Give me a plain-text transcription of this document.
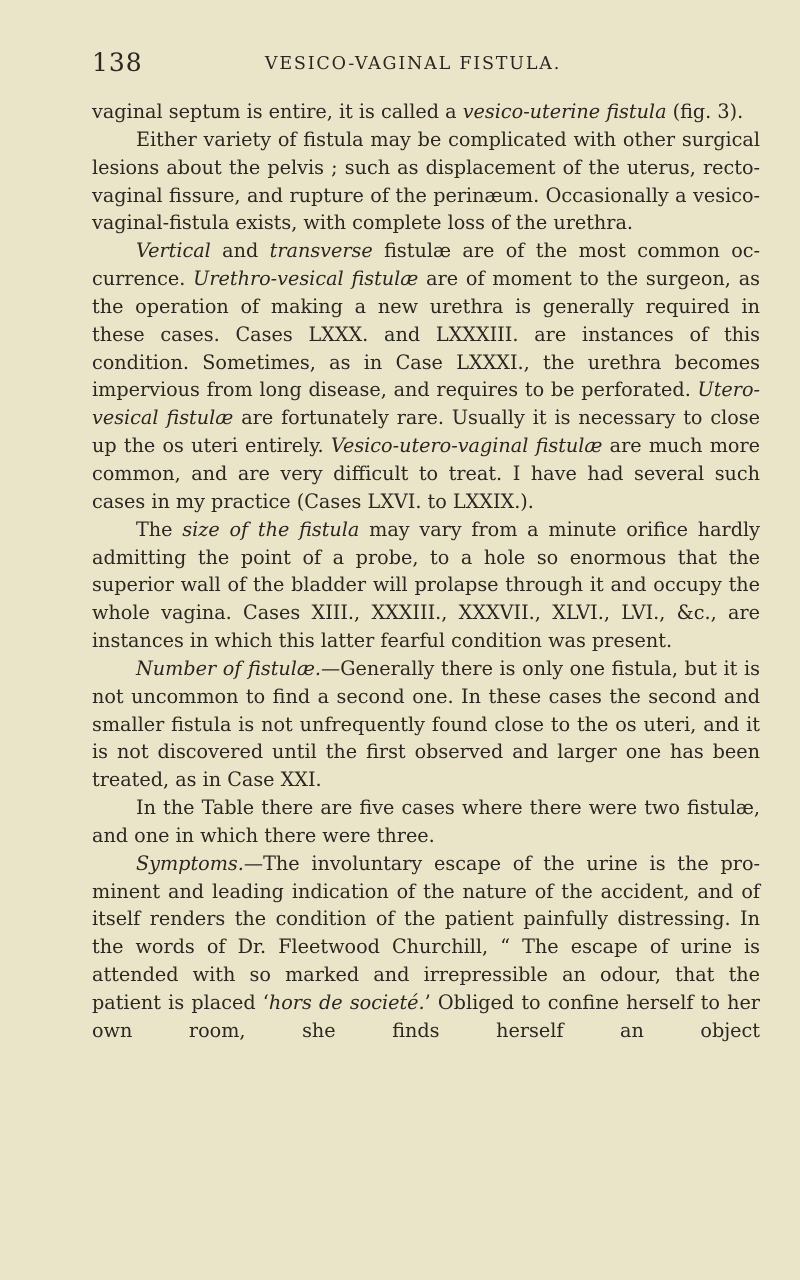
138	VESICO-VAGINAL FISTULA.

vaginal septum is entire, it is called a vesico-uterine fistula (fig. 3).

Either variety of fistula may be complicated with other surgical lesions about the pelvis ; such as displacement of the uterus, recto-vaginal fissure, and rupture of the perinæum. Occasionally a vesico-vaginal-fistula exists, with complete loss of the urethra.

Vertical and transverse fistulæ are of the most common oc-currence. Urethro-vesical fistulæ are of moment to the surgeon, as the operation of making a new urethra is generally required in these cases. Cases LXXX. and LXXXIII. are instances of this condition. Sometimes, as in Case LXXXI., the urethra becomes impervious from long disease, and requires to be perforated. Utero-vesical fistulæ are fortunately rare. Usually it is necessary to close up the os uteri entirely. Vesico-utero-vaginal fistulæ are much more common, and are very difficult to treat. I have had several such cases in my practice (Cases LXVI. to LXXIX.).

The size of the fistula may vary from a minute orifice hardly admitting the point of a probe, to a hole so enormous that the superior wall of the bladder will prolapse through it and occupy the whole vagina. Cases XIII., XXXIII., XXXVII., XLVI., LVI., &c., are instances in which this latter fearful condition was present.

Number of fistulæ.—Generally there is only one fistula, but it is not uncommon to find a second one. In these cases the second and smaller fistula is not unfrequently found close to the os uteri, and it is not discovered until the first observed and larger one has been treated, as in Case XXI.

In the Table there are five cases where there were two fistulæ, and one in which there were three.

Symptoms.—The involuntary escape of the urine is the pro-minent and leading indication of the nature of the accident, and of itself renders the condition of the patient painfully distressing. In the words of Dr. Fleetwood Churchill, “ The escape of urine is attended with so marked and irrepressible an odour, that the patient is placed ‘hors de societé.’ Obliged to confine herself to her own room, she finds herself an object
